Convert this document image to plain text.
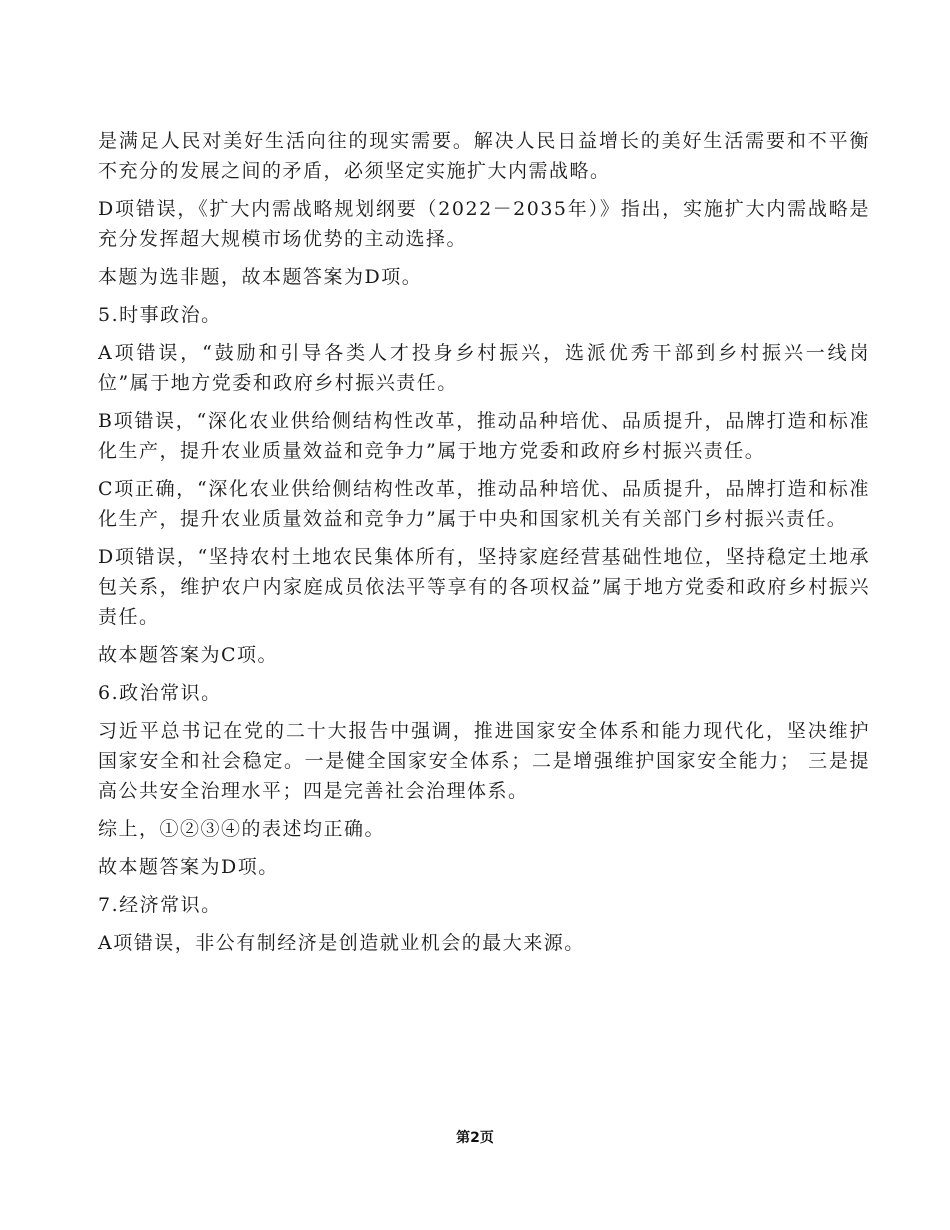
是满足人民对美好生活向往的现实需要。解决人民日益增长的美好生活需要和不平衡不充分的发展之间的矛盾，必须坚定实施扩大内需战略。

D项错误，《扩大内需战略规划纲要（2022－2035年）》指出，实施扩大内需战略是充分发挥超大规模市场优势的主动选择。

本题为选非题，故本题答案为D项。

5.时事政治。

A项错误，“鼓励和引导各类人才投身乡村振兴，选派优秀干部到乡村振兴一线岗位”属于地方党委和政府乡村振兴责任。

B项错误，“深化农业供给侧结构性改革，推动品种培优、品质提升，品牌打造和标准化生产，提升农业质量效益和竞争力”属于地方党委和政府乡村振兴责任。

C项正确，“深化农业供给侧结构性改革，推动品种培优、品质提升，品牌打造和标准化生产，提升农业质量效益和竞争力”属于中央和国家机关有关部门乡村振兴责任。

D项错误，“坚持农村土地农民集体所有，坚持家庭经营基础性地位，坚持稳定土地承包关系，维护农户内家庭成员依法平等享有的各项权益”属于地方党委和政府乡村振兴责任。

故本题答案为C项。

6.政治常识。

习近平总书记在党的二十大报告中强调，推进国家安全体系和能力现代化，坚决维护国家安全和社会稳定。一是健全国家安全体系；二是增强维护国家安全能力； 三是提高公共安全治理水平；四是完善社会治理体系。

综上，①②③④的表述均正确。

故本题答案为D项。

7.经济常识。

A项错误，非公有制经济是创造就业机会的最大来源。

第2页
